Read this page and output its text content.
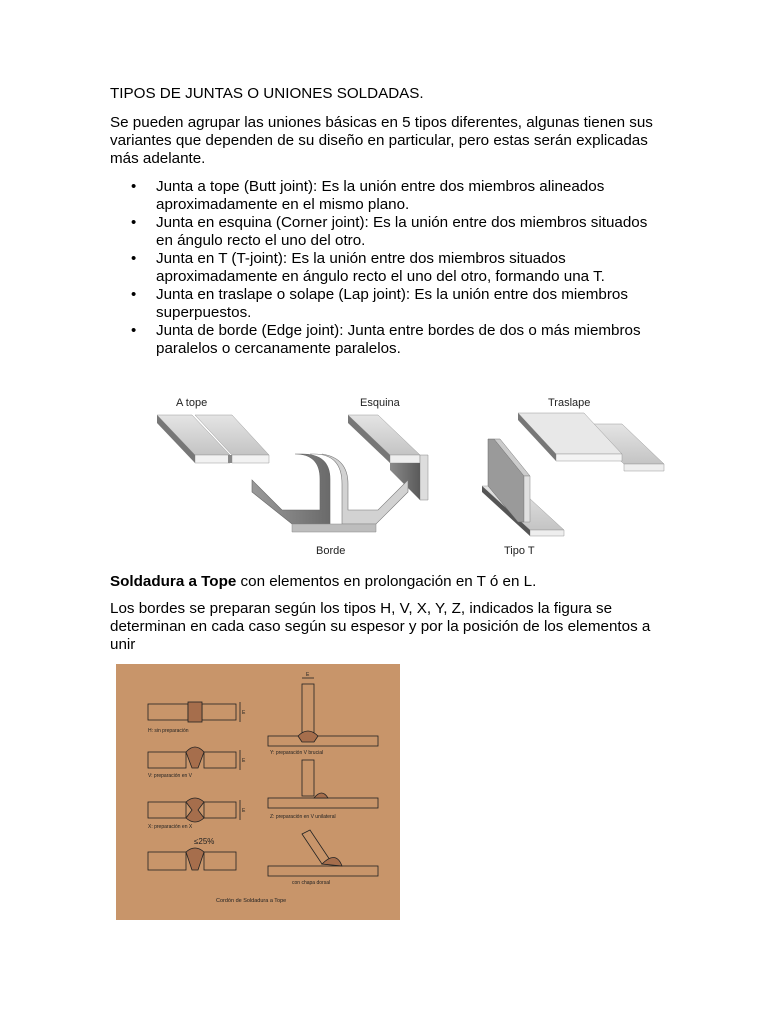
TIPOS DE JUNTAS O UNIONES SOLDADAS.

Se pueden agrupar las uniones básicas en 5 tipos diferentes, algunas tienen sus variantes que dependen de su diseño en particular, pero estas serán explicadas más adelante.

• Junta a tope (Butt joint): Es la unión entre dos miembros alineados aproximadamente en el mismo plano.
• Junta en esquina (Corner joint): Es la unión entre dos miembros situados en ángulo recto el uno del otro.
• Junta en T (T-joint): Es la unión entre dos miembros situados aproximadamente en ángulo recto el uno del otro, formando una T.
• Junta en traslape o solape (Lap joint): Es la unión entre dos miembros superpuestos.
• Junta de borde (Edge joint): Junta entre bordes de dos o más miembros paralelos o cercanamente paralelos.
A tope	Esquina	Traslape
Borde	Tipo T

Soldadura a Tope con elementos en prolongación en T ó en L.

Los bordes se preparan según los tipos H, V, X, Y, Z, indicados la figura se determinan en cada caso según su espesor y por la posición de los elementos a unir

H: sin preparación
V: preparación en V
X: preparación en X
≤25%
Y: preparación V brucial
Z: preparación en V unilateral
con chapa dorsal
Cordón de Soldadura a Tope
E
E
E
E
